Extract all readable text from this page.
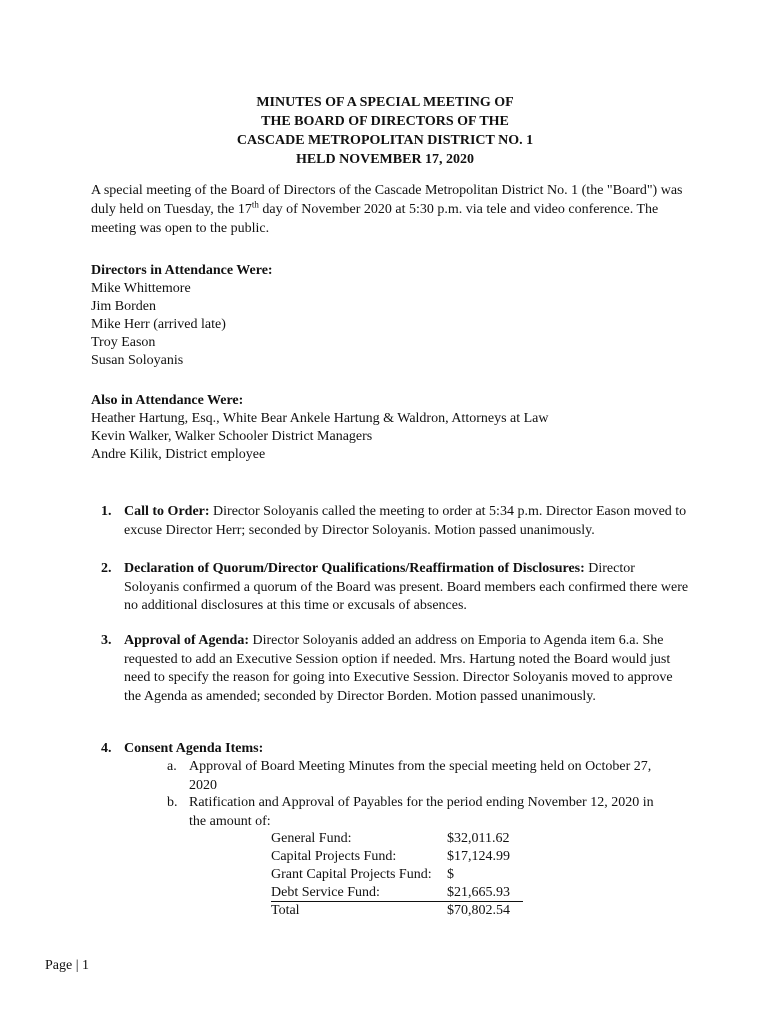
MINUTES OF A SPECIAL MEETING OF
THE BOARD OF DIRECTORS OF THE
CASCADE METROPOLITAN DISTRICT NO. 1
HELD NOVEMBER 17, 2020
A special meeting of the Board of Directors of the Cascade Metropolitan District No. 1 (the "Board") was duly held on Tuesday, the 17th day of November 2020 at 5:30 p.m. via tele and video conference. The meeting was open to the public.
Directors in Attendance Were:
Mike Whittemore
Jim Borden
Mike Herr (arrived late)
Troy Eason
Susan Soloyanis
Also in Attendance Were:
Heather Hartung, Esq., White Bear Ankele Hartung & Waldron, Attorneys at Law
Kevin Walker, Walker Schooler District Managers
Andre Kilik, District employee
1. Call to Order: Director Soloyanis called the meeting to order at 5:34 p.m. Director Eason moved to excuse Director Herr; seconded by Director Soloyanis. Motion passed unanimously.
2. Declaration of Quorum/Director Qualifications/Reaffirmation of Disclosures: Director Soloyanis confirmed a quorum of the Board was present. Board members each confirmed there were no additional disclosures at this time or excusals of absences.
3. Approval of Agenda: Director Soloyanis added an address on Emporia to Agenda item 6.a. She requested to add an Executive Session option if needed. Mrs. Hartung noted the Board would just need to specify the reason for going into Executive Session. Director Soloyanis moved to approve the Agenda as amended; seconded by Director Borden. Motion passed unanimously.
4. Consent Agenda Items:
a. Approval of Board Meeting Minutes from the special meeting held on October 27, 2020
b. Ratification and Approval of Payables for the period ending November 12, 2020 in the amount of:
General Fund:	$32,011.62
Capital Projects Fund:	$17,124.99
Grant Capital Projects Fund: $
Debt Service Fund:	$21,665.93
Total	$70,802.54
Page | 1
